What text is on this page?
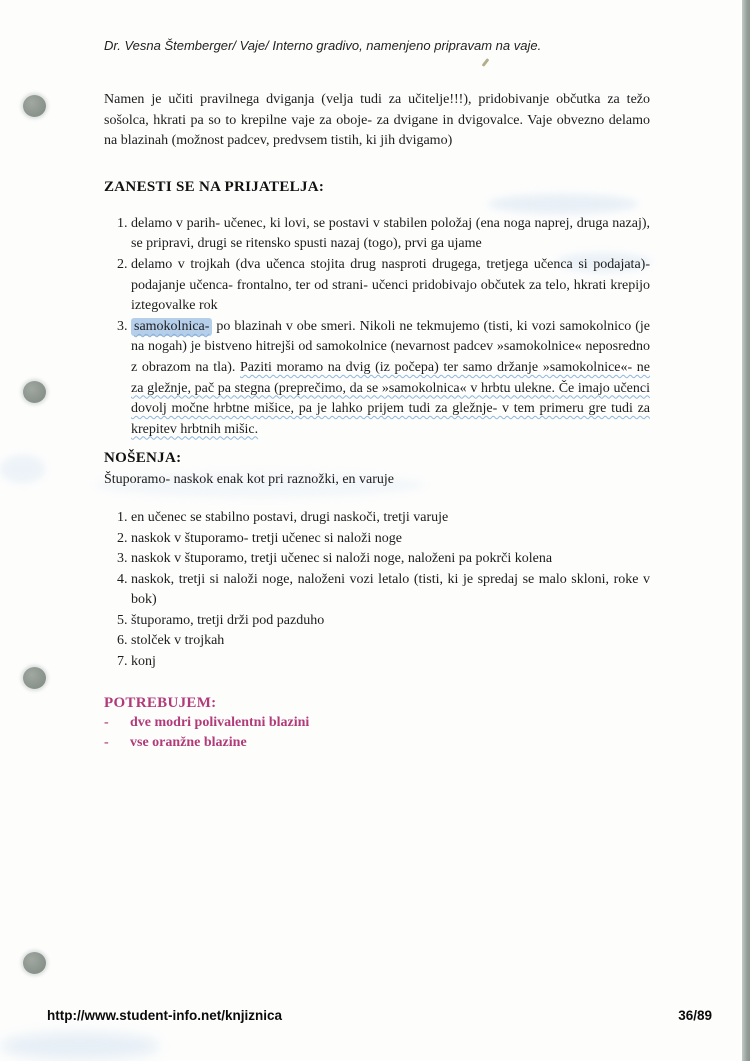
Dr. Vesna Štemberger/ Vaje/ Interno gradivo, namenjeno pripravam na vaje.

Namen je učiti pravilnega dviganja (velja tudi za učitelje!!!), pridobivanje občutka za težo sošolca, hkrati pa so to krepilne vaje za oboje- za dvigane in dvigovalce. Vaje obvezno delamo na blazinah (možnost padcev, predvsem tistih, ki jih dvigamo)

ZANESTI SE NA PRIJATELJA:
1. delamo v parih- učenec, ki lovi, se postavi v stabilen položaj (ena noga naprej, druga nazaj), se pripravi, drugi se ritensko spusti nazaj (togo), prvi ga ujame
2. delamo v trojkah (dva učenca stojita drug nasproti drugega, tretjega učenca si podajata)- podajanje učenca- frontalno, ter od strani- učenci pridobivajo občutek za telo, hkrati krepijo iztegovalke rok
3. samokolnica- po blazinah v obe smeri. Nikoli ne tekmujemo (tisti, ki vozi samokolnico (je na nogah) je bistveno hitrejši od samokolnice (nevarnost padcev »samokolnice« neposredno z obrazom na tla). Paziti moramo na dvig (iz počepa) ter samo držanje »samokolnice«- ne za gležnje, pač pa stegna (preprečimo, da se »samokolnica« v hrbtu ulekne. Če imajo učenci dovolj močne hrbtne mišice, pa je lahko prijem tudi za gležnje- v tem primeru gre tudi za krepitev hrbtnih mišic.
NOŠENJA:

Štuporamo- naskok enak kot pri raznožki, en varuje

1. en učenec se stabilno postavi, drugi naskoči, tretji varuje
2. naskok v štuporamo- tretji učenec si naloži noge
3. naskok v štuporamo, tretji učenec si naloži noge, naloženi pa pokrči kolena
4. naskok, tretji si naloži noge, naloženi vozi letalo (tisti, ki je spredaj se malo skloni, roke v bok)
5. štuporamo, tretji drži pod pazduho
6. stolček v trojkah
7. konj
POTREBUJEM:
-	dve modri polivalentni blazini
-	vse oranžne blazine
http://www.student-info.net/knjiznica	36/89
